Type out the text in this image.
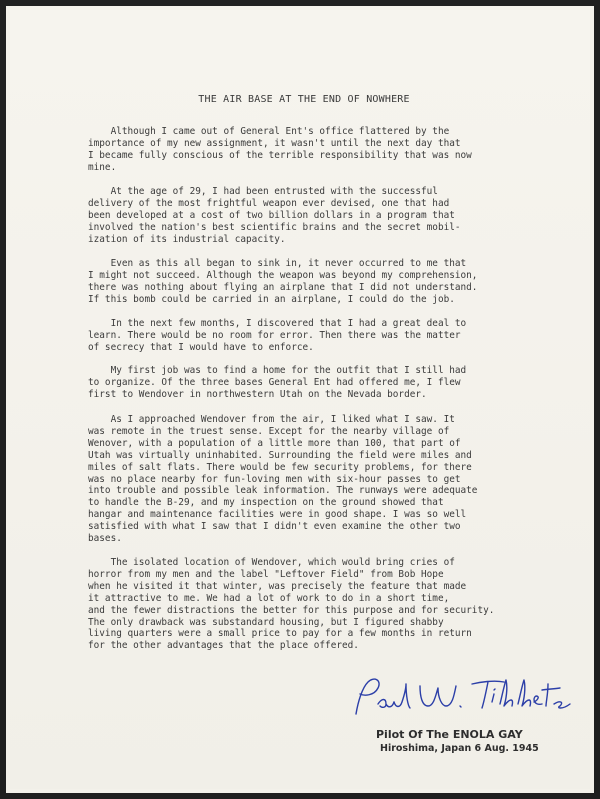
THE AIR BASE AT THE END OF NOWHERE
Although I came out of General Ent's office flattered by the
importance of my new assignment, it wasn't until the next day that
I became fully conscious of the terrible responsibility that was now
mine.
At the age of 29, I had been entrusted with the successful
delivery of the most frightful weapon ever devised, one that had
been developed at a cost of two billion dollars in a program that
involved the nation's best scientific brains and the secret mobil-
ization of its industrial capacity.
Even as this all began to sink in, it never occurred to me that
I might not succeed. Although the weapon was beyond my comprehension,
there was nothing about flying an airplane that I did not understand.
If this bomb could be carried in an airplane, I could do the job.
In the next few months, I discovered that I had a great deal to
learn. There would be no room for error. Then there was the matter
of secrecy that I would have to enforce.
My first job was to find a home for the outfit that I still had
to organize. Of the three bases General Ent had offered me, I flew
first to Wendover in northwestern Utah on the Nevada border.
As I approached Wendover from the air, I liked what I saw. It
was remote in the truest sense. Except for the nearby village of
Wenover, with a population of a little more than 100, that part of
Utah was virtually uninhabited. Surrounding the field were miles and
miles of salt flats. There would be few security problems, for there
was no place nearby for fun-loving men with six-hour passes to get
into trouble and possible leak information. The runways were adequate
to handle the B-29, and my inspection on the ground showed that
hangar and maintenance facilities were in good shape. I was so well
satisfied with what I saw that I didn't even examine the other two
bases.
The isolated location of Wendover, which would bring cries of
horror from my men and the label "Leftover Field" from Bob Hope
when he visited it that winter, was precisely the feature that made
it attractive to me. We had a lot of work to do in a short time,
and the fewer distractions the better for this purpose and for security.
The only drawback was substandard housing, but I figured shabby
living quarters were a small price to pay for a few months in return
for the other advantages that the place offered.
Pilot Of The ENOLA GAY
Hiroshima, Japan 6 Aug. 1945
